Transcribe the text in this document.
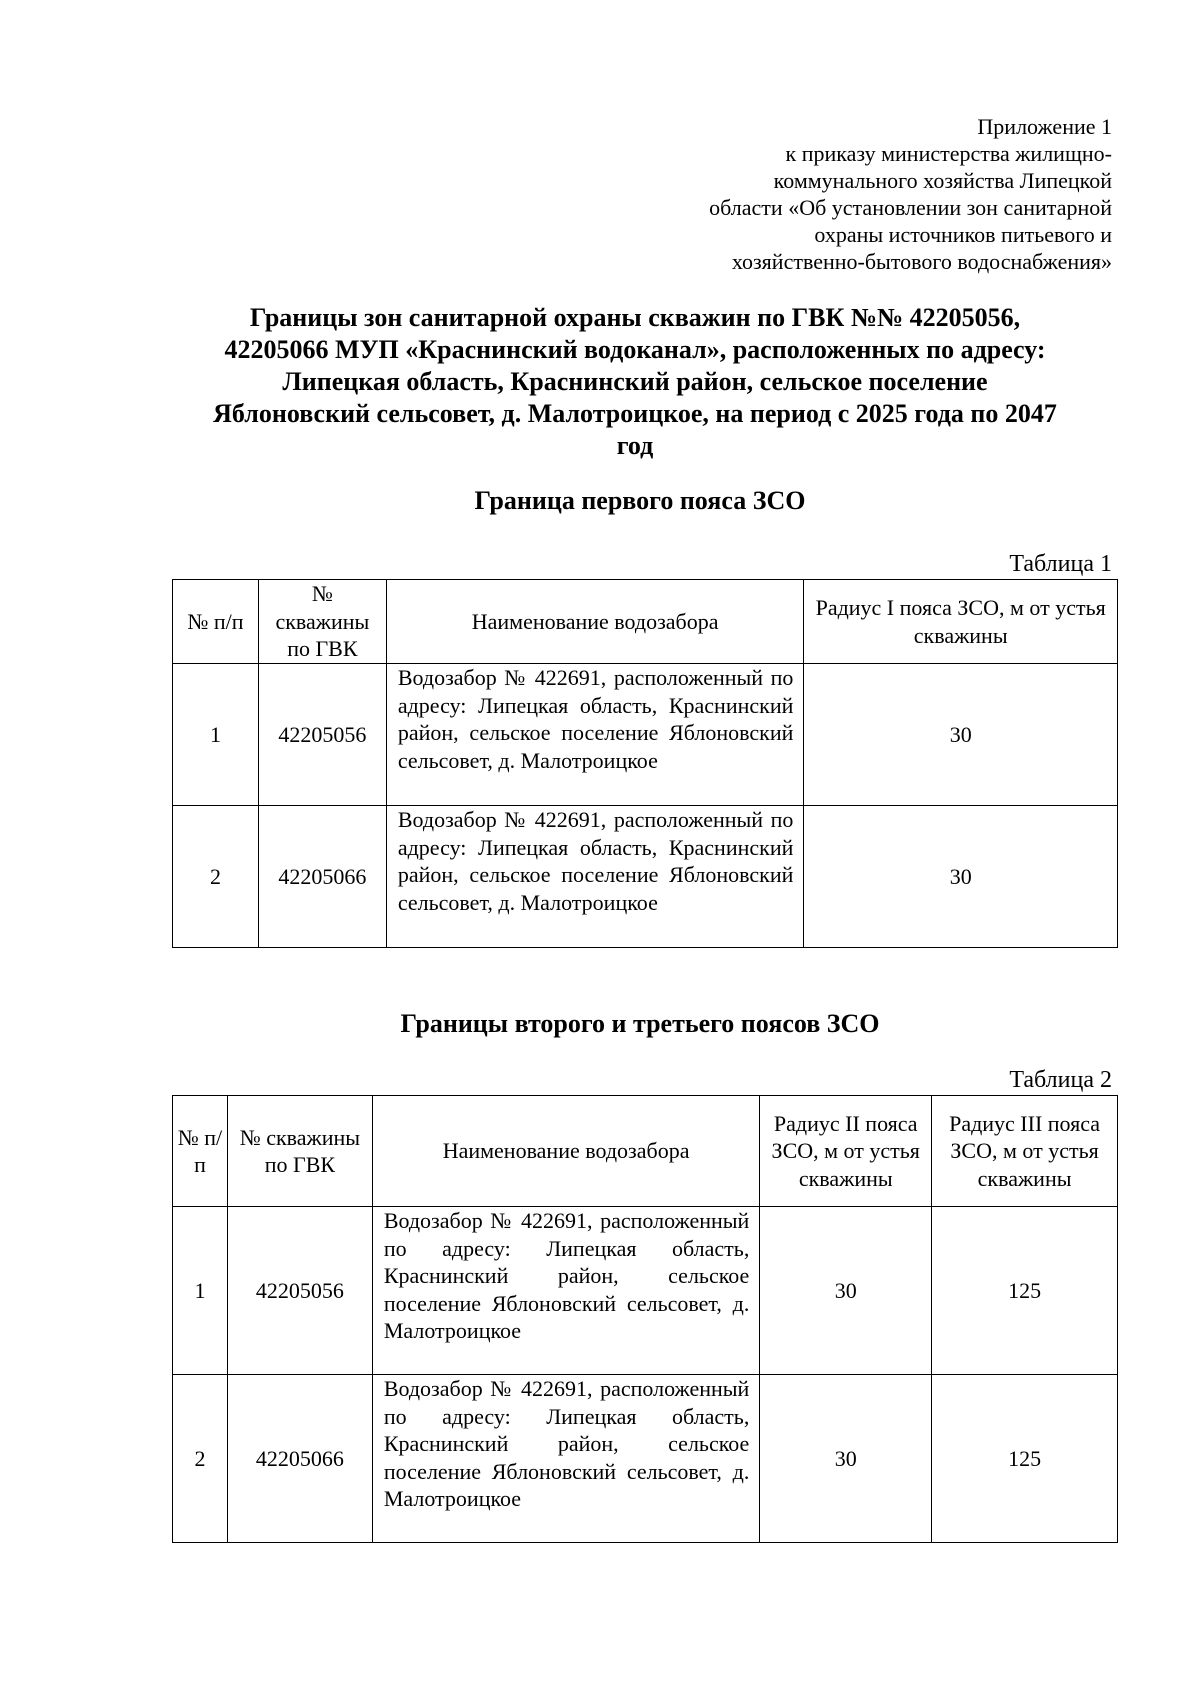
Приложение 1
к приказу министерства жилищно-
коммунального хозяйства Липецкой
области «Об установлении зон санитарной
охраны источников питьевого и
хозяйственно-бытового водоснабжения»
Границы зон санитарной охраны скважин по ГВК №№ 42205056,
42205066 МУП «Краснинский водоканал», расположенных по адресу:
Липецкая область, Краснинский район, сельское поселение
Яблоновский сельсовет, д. Малотроицкое, на период с 2025 года по 2047
год
Граница первого пояса ЗСО
Таблица 1
№ п/п	№ скважины по ГВК	Наименование водозабора	Радиус I пояса ЗСО, м от устья скважины
1	42205056	Водозабор № 422691, расположенный по адресу: Липецкая область, Краснинский район, сельское поселение Яблоновский сельсовет, д. Малотроицкое	30
2	42205066	Водозабор № 422691, расположенный по адресу: Липецкая область, Краснинский район, сельское поселение Яблоновский сельсовет, д. Малотроицкое	30
Границы второго и третьего поясов ЗСО
Таблица 2
№ п/п	№ скважины по ГВК	Наименование водозабора	Радиус II пояса ЗСО, м от устья скважины	Радиус III пояса ЗСО, м от устья скважины
1	42205056	Водозабор № 422691, расположенный по адресу: Липецкая область, Краснинский район, сельское поселение Яблоновский сельсовет, д. Малотроицкое	30	125
2	42205066	Водозабор № 422691, расположенный по адресу: Липецкая область, Краснинский район, сельское поселение Яблоновский сельсовет, д. Малотроицкое	30	125
